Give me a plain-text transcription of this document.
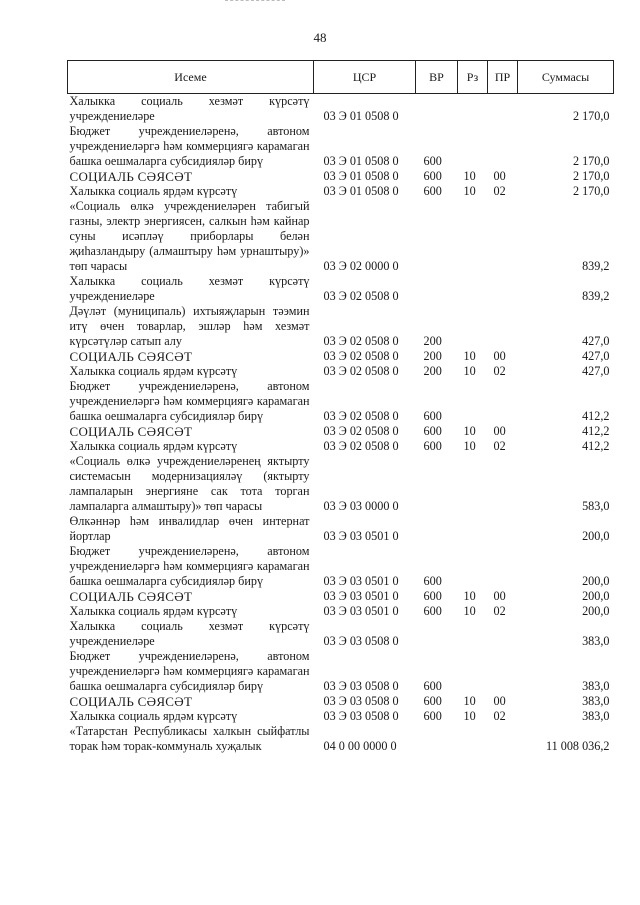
48
Исеме	ЦСР	ВР	Рз	ПР	Суммасы
Халыкка социаль хезмәт күрсәтү учреждениеләре	03 Э 01 0508 0				2 170,0
Бюджет учреждениеләренә, автоном учреждениеләргә һәм коммерциягә карамаган башка оешмаларга субсидияләр бирү	03 Э 01 0508 0	600			2 170,0
СОЦИАЛЬ СӘЯСӘТ	03 Э 01 0508 0	600	10	00	2 170,0
Халыкка социаль ярдәм күрсәтү	03 Э 01 0508 0	600	10	02	2 170,0
«Социаль өлкә учреждениеләрен табигый газны, электр энергиясен, салкын һәм кайнар суны исәпләү приборлары белән җиһазландыру (алмаштыру һәм урнаштыру)» төп чарасы	03 Э 02 0000 0				839,2
Халыкка социаль хезмәт күрсәтү учреждениеләре	03 Э 02 0508 0				839,2
Дәүләт (муниципаль) ихтыяҗларын тәэмин итү өчен товарлар, эшләр һәм хезмәт күрсәтүләр сатып алу	03 Э 02 0508 0	200			427,0
СОЦИАЛЬ СӘЯСӘТ	03 Э 02 0508 0	200	10	00	427,0
Халыкка социаль ярдәм күрсәтү	03 Э 02 0508 0	200	10	02	427,0
Бюджет учреждениеләренә, автоном учреждениеләргә һәм коммерциягә карамаган башка оешмаларга субсидияләр бирү	03 Э 02 0508 0	600			412,2
СОЦИАЛЬ СӘЯСӘТ	03 Э 02 0508 0	600	10	00	412,2
Халыкка социаль ярдәм күрсәтү	03 Э 02 0508 0	600	10	02	412,2
«Социаль өлкә учреждениеләренең яктырту системасын модернизацияләү (яктырту лампаларын энергияне сак тота торган лампаларга алмаштыру)» төп чарасы	03 Э 03 0000 0				583,0
Өлкәннәр һәм инвалидлар өчен интернат йортлар	03 Э 03 0501 0				200,0
Бюджет учреждениеләренә, автоном учреждениеләргә һәм коммерциягә карамаган башка оешмаларга субсидияләр бирү	03 Э 03 0501 0	600			200,0
СОЦИАЛЬ СӘЯСӘТ	03 Э 03 0501 0	600	10	00	200,0
Халыкка социаль ярдәм күрсәтү	03 Э 03 0501 0	600	10	02	200,0
Халыкка социаль хезмәт күрсәтү учреждениеләре	03 Э 03 0508 0				383,0
Бюджет учреждениеләренә, автоном учреждениеләргә һәм коммерциягә карамаган башка оешмаларга субсидияләр бирү	03 Э 03 0508 0	600			383,0
СОЦИАЛЬ СӘЯСӘТ	03 Э 03 0508 0	600	10	00	383,0
Халыкка социаль ярдәм күрсәтү	03 Э 03 0508 0	600	10	02	383,0
«Татарстан Республикасы халкын сыйфатлы торак һәм торак-коммуналь хуҗалык	04 0 00 0000 0				11 008 036,2
